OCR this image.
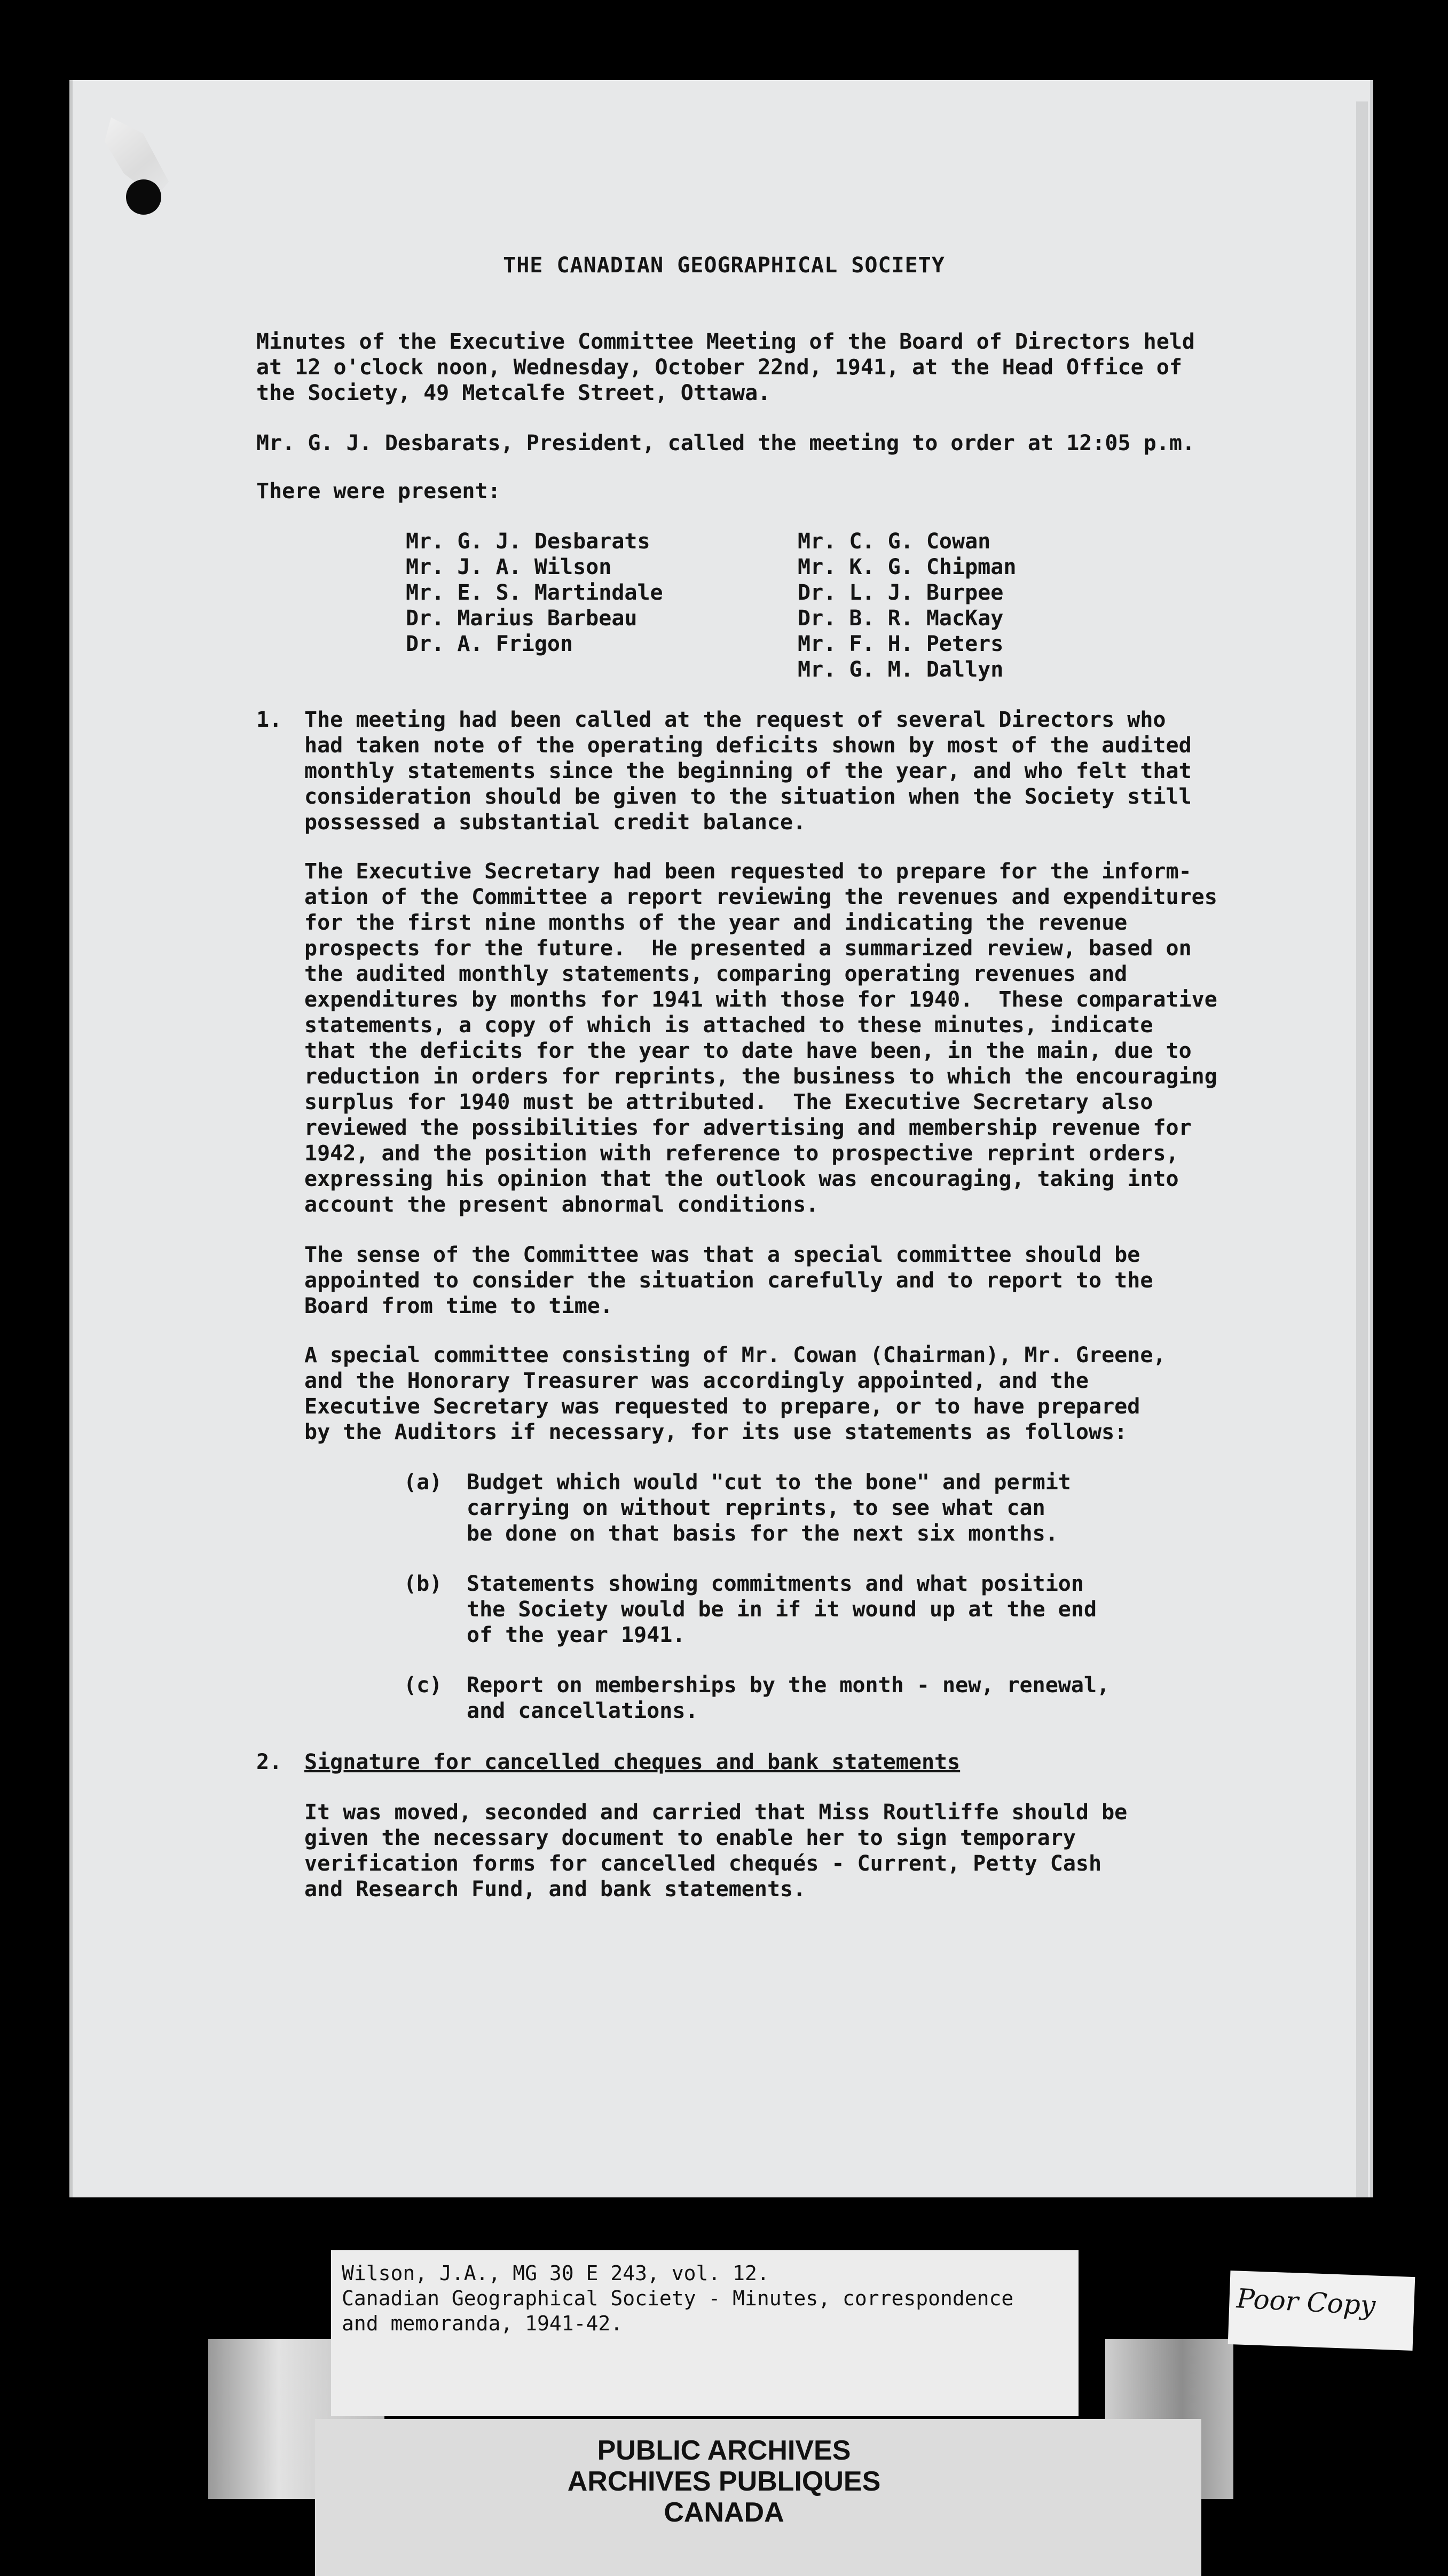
THE CANADIAN GEOGRAPHICAL SOCIETY
Minutes of the Executive Committee Meeting of the Board of Directors held
at 12 o'clock noon, Wednesday, October 22nd, 1941, at the Head Office of
the Society, 49 Metcalfe Street, Ottawa.
Mr. G. J. Desbarats, President, called the meeting to order at 12:05 p.m.
There were present:
Mr. G. J. Desbarats
Mr. J. A. Wilson
Mr. E. S. Martindale
Dr. Marius Barbeau
Dr. A. Frigon
Mr. C. G. Cowan
Mr. K. G. Chipman
Dr. L. J. Burpee
Dr. B. R. MacKay
Mr. F. H. Peters
Mr. G. M. Dallyn
1. The meeting had been called at the request of several Directors who
had taken note of the operating deficits shown by most of the audited
monthly statements since the beginning of the year, and who felt that
consideration should be given to the situation when the Society still
possessed a substantial credit balance.
The Executive Secretary had been requested to prepare for the inform-
ation of the Committee a report reviewing the revenues and expenditures
for the first nine months of the year and indicating the revenue
prospects for the future.  He presented a summarized review, based on
the audited monthly statements, comparing operating revenues and
expenditures by months for 1941 with those for 1940.  These comparative
statements, a copy of which is attached to these minutes, indicate
that the deficits for the year to date have been, in the main, due to
reduction in orders for reprints, the business to which the encouraging
surplus for 1940 must be attributed.  The Executive Secretary also
reviewed the possibilities for advertising and membership revenue for
1942, and the position with reference to prospective reprint orders,
expressing his opinion that the outlook was encouraging, taking into
account the present abnormal conditions.
The sense of the Committee was that a special committee should be
appointed to consider the situation carefully and to report to the
Board from time to time.
A special committee consisting of Mr. Cowan (Chairman), Mr. Greene,
and the Honorary Treasurer was accordingly appointed, and the
Executive Secretary was requested to prepare, or to have prepared
by the Auditors if necessary, for its use statements as follows:
(a) Budget which would "cut to the bone" and permit
carrying on without reprints, to see what can
be done on that basis for the next six months.
(b) Statements showing commitments and what position
the Society would be in if it wound up at the end
of the year 1941.
(c) Report on memberships by the month - new, renewal,
and cancellations.
2. Signature for cancelled cheques and bank statements
It was moved, seconded and carried that Miss Routliffe should be
given the necessary document to enable her to sign temporary
verification forms for cancelled chequés - Current, Petty Cash
and Research Fund, and bank statements.
Wilson, J.A., MG 30 E 243, vol. 12.
Canadian Geographical Society - Minutes, correspondence
and memoranda, 1941-42.
Poor Copy
PUBLIC ARCHIVES
ARCHIVES PUBLIQUES
CANADA
